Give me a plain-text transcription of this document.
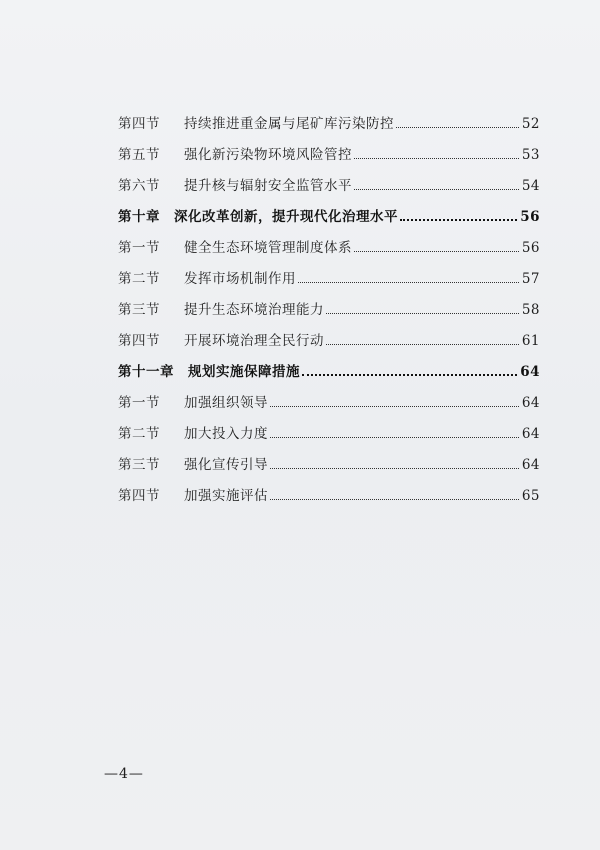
第四节	持续推进重金属与尾矿库污染防控	52
第五节	强化新污染物环境风险管控	53
第六节	提升核与辐射安全监管水平	54
第十章 深化改革创新，提升现代化治理水平	56
第一节	健全生态环境管理制度体系	56
第二节	发挥市场机制作用	57
第三节	提升生态环境治理能力	58
第四节	开展环境治理全民行动	61
第十一章 规划实施保障措施	64
第一节	加强组织领导	64
第二节	加大投入力度	64
第三节	强化宣传引导	64
第四节	加强实施评估	65
—4—
